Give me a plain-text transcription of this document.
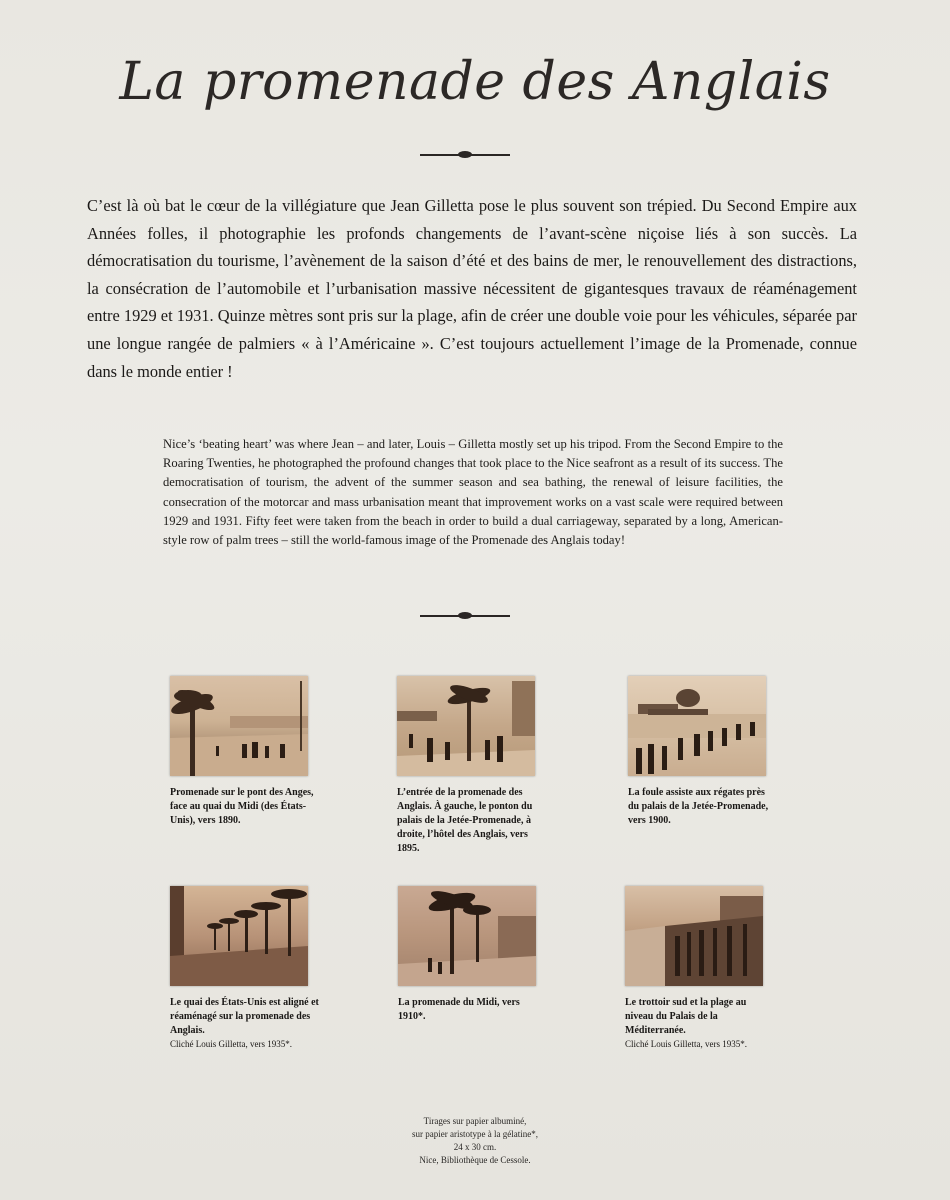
La promenade des Anglais
C’est là où bat le cœur de la villégiature que Jean Gilletta pose le plus souvent son trépied. Du Second Empire aux Années folles, il photographie les profonds changements de l’avant-scène niçoise liés à son succès. La démocratisation du tourisme, l’avènement de la saison d’été et des bains de mer, le renouvellement des distractions, la consécration de l’automobile et l’urbanisation massive nécessitent de gigantesques travaux de réaménagement entre 1929 et 1931. Quinze mètres sont pris sur la plage, afin de créer une double voie pour les véhicules, séparée par une longue rangée de palmiers « à l’Américaine ». C’est toujours actuellement l’image de la Promenade, connue dans le monde entier !
Nice’s ‘beating heart’ was where Jean – and later, Louis – Gilletta mostly set up his tripod. From the Second Empire to the Roaring Twenties, he photographed the profound changes that took place to the Nice seafront as a result of its success. The democratisation of tourism, the advent of the summer season and sea bathing, the renewal of leisure facilities, the consecration of the motorcar and mass urbanisation meant that improvement works on a vast scale were required between 1929 and 1931. Fifty feet were taken from the beach in order to build a dual carriageway, separated by a long, American-style row of palm trees – still the world-famous image of the Promenade des Anglais today!
Promenade sur le pont des Anges, face au quai du Midi (des États-Unis), vers 1890.
L’entrée de la promenade des Anglais. À gauche, le ponton du palais de la Jetée-Promenade, à droite, l’hôtel des Anglais, vers 1895.
La foule assiste aux régates près du palais de la Jetée-Promenade, vers 1900.
Le quai des États-Unis est aligné et réaménagé sur la promenade des Anglais.
Cliché Louis Gilletta, vers 1935*.
La promenade du Midi, vers 1910*.
Le trottoir sud et la plage au niveau du Palais de la Méditerranée.
Cliché Louis Gilletta, vers 1935*.
Tirages sur papier albuminé,
sur papier aristotype à la gélatine*,
24 x 30 cm.
Nice, Bibliothèque de Cessole.
